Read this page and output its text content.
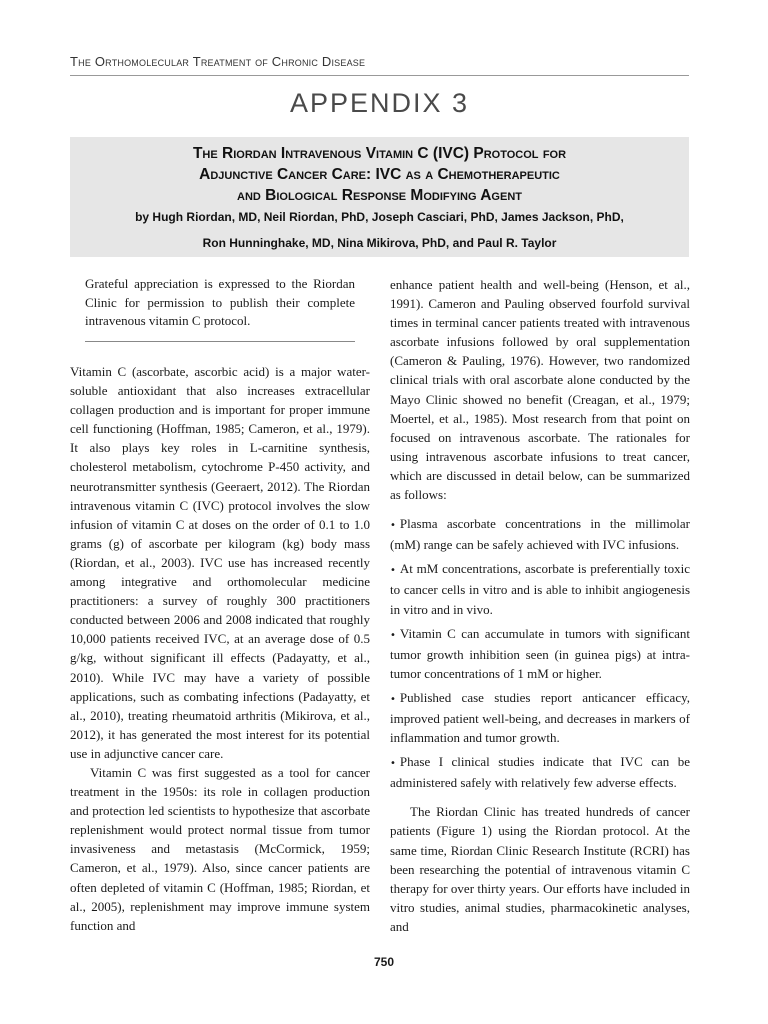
The Orthomolecular Treatment of Chronic Disease
APPENDIX 3
The Riordan Intravenous Vitamin C (IVC) Protocol for
Adjunctive Cancer Care: IVC as a Chemotherapeutic
and Biological Response Modifying Agent
by Hugh Riordan, MD, Neil Riordan, PhD, Joseph Casciari, PhD, James Jackson, PhD,
Ron Hunninghake, MD, Nina Mikirova, PhD, and Paul R. Taylor
Grateful appreciation is expressed to the Riordan Clinic for permission to publish their complete intravenous vitamin C protocol.

Vitamin C (ascorbate, ascorbic acid) is a major water-soluble antioxidant that also increases extracellular collagen production and is important for proper immune cell functioning (Hoffman, 1985; Cameron, et al., 1979). It also plays key roles in L-carnitine synthesis, cholesterol metabolism, cytochrome P-450 activity, and neurotransmitter synthesis (Geeraert, 2012). The Riordan intravenous vitamin C (IVC) protocol involves the slow infusion of vitamin C at doses on the order of 0.1 to 1.0 grams (g) of ascorbate per kilogram (kg) body mass (Riordan, et al., 2003). IVC use has increased recently among integrative and orthomolecular medicine practitioners: a survey of roughly 300 practitioners conducted between 2006 and 2008 indicated that roughly 10,000 patients received IVC, at an average dose of 0.5 g/kg, without significant ill effects (Padayatty, et al., 2010). While IVC may have a variety of possible applications, such as combating infections (Padayatty, et al., 2010), treating rheumatoid arthritis (Mikirova, et al., 2012), it has generated the most interest for its potential use in adjunctive cancer care.

Vitamin C was first suggested as a tool for cancer treatment in the 1950s: its role in collagen production and protection led scientists to hypothesize that ascorbate replenishment would protect normal tissue from tumor invasiveness and metastasis (McCormick, 1959; Cameron, et al., 1979). Also, since cancer patients are often depleted of vitamin C (Hoffman, 1985; Riordan, et al., 2005), replenishment may improve immune system function and

enhance patient health and well-being (Henson, et al., 1991). Cameron and Pauling observed fourfold survival times in terminal cancer patients treated with intravenous ascorbate infusions followed by oral supplementation (Cameron & Pauling, 1976). However, two randomized clinical trials with oral ascorbate alone conducted by the Mayo Clinic showed no benefit (Creagan, et al., 1979; Moertel, et al., 1985). Most research from that point on focused on intravenous ascorbate. The rationales for using intravenous ascorbate infusions to treat cancer, which are discussed in detail below, can be summarized as follows:

• Plasma ascorbate concentrations in the millimolar (mM) range can be safely achieved with IVC infusions.

• At mM concentrations, ascorbate is preferentially toxic to cancer cells in vitro and is able to inhibit angiogenesis in vitro and in vivo.

• Vitamin C can accumulate in tumors with significant tumor growth inhibition seen (in guinea pigs) at intra-tumor concentrations of 1 mM or higher.

• Published case studies report anticancer efficacy, improved patient well-being, and decreases in markers of inflammation and tumor growth.

• Phase I clinical studies indicate that IVC can be administered safely with relatively few adverse effects.

The Riordan Clinic has treated hundreds of cancer patients (Figure 1) using the Riordan protocol. At the same time, Riordan Clinic Research Institute (RCRI) has been researching the potential of intravenous vitamin C therapy for over thirty years. Our efforts have included in vitro studies, animal studies, pharmacokinetic analyses, and

750
